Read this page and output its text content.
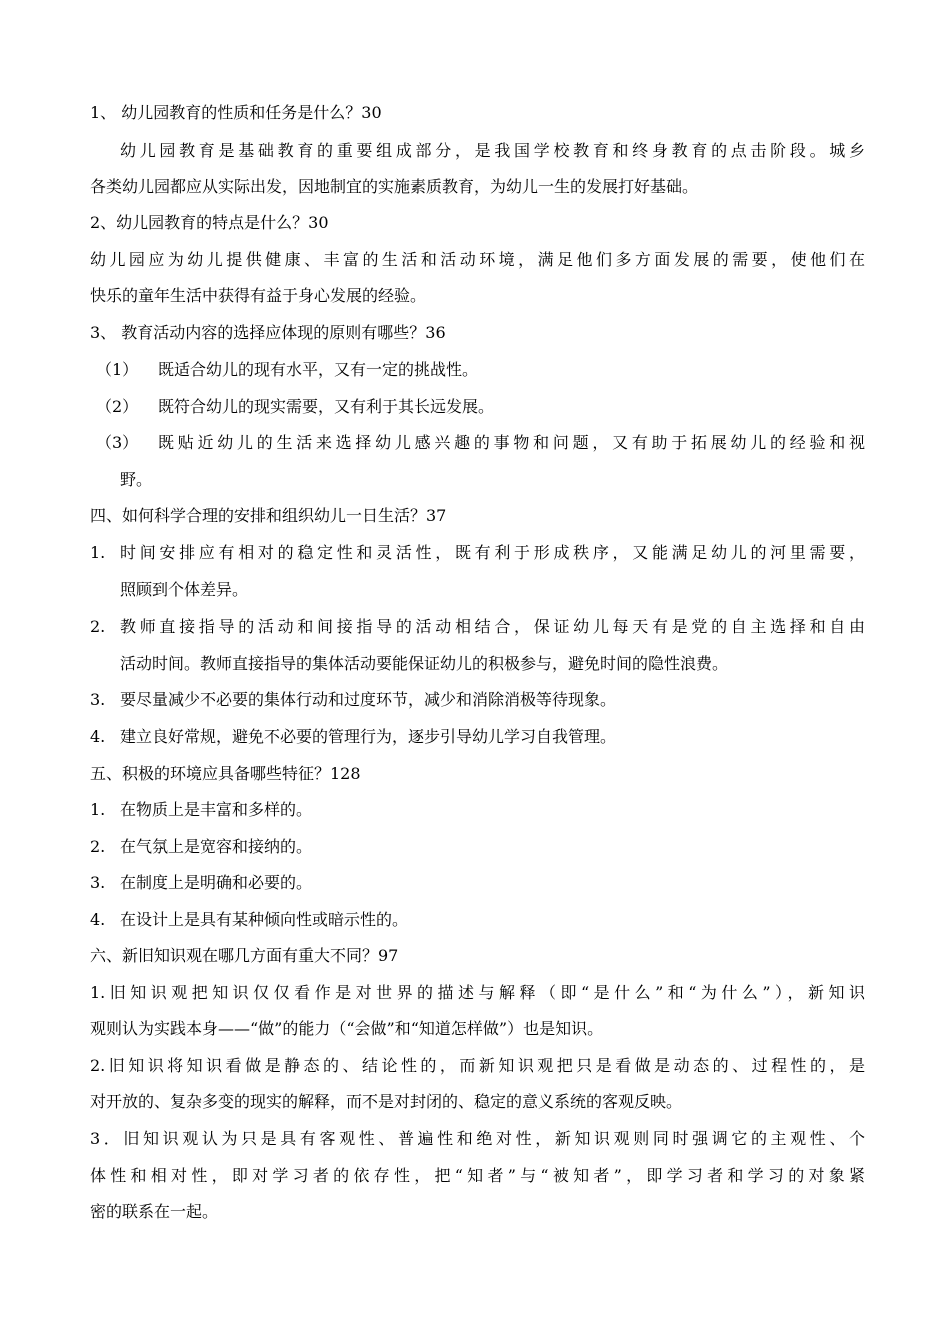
1、 幼儿园教育的性质和任务是什么？30
幼儿园教育是基础教育的重要组成部分，是我国学校教育和终身教育的点击阶段。城乡
各类幼儿园都应从实际出发，因地制宜的实施素质教育，为幼儿一生的发展打好基础。
2、幼儿园教育的特点是什么？30
幼儿园应为幼儿提供健康、丰富的生活和活动环境，满足他们多方面发展的需要，使他们在
快乐的童年生活中获得有益于身心发展的经验。
3、 教育活动内容的选择应体现的原则有哪些？36
（1）	既适合幼儿的现有水平，又有一定的挑战性。
（2）	既符合幼儿的现实需要，又有利于其长远发展。
（3）	既贴近幼儿的生活来选择幼儿感兴趣的事物和问题，又有助于拓展幼儿的经验和视
野。
四、如何科学合理的安排和组织幼儿一日生活？37
1. 时间安排应有相对的稳定性和灵活性，既有利于形成秩序，又能满足幼儿的河里需要，
照顾到个体差异。
2. 教师直接指导的活动和间接指导的活动相结合，保证幼儿每天有是党的自主选择和自由
活动时间。教师直接指导的集体活动要能保证幼儿的积极参与，避免时间的隐性浪费。
3. 要尽量减少不必要的集体行动和过度环节，减少和消除消极等待现象。
4. 建立良好常规，避免不必要的管理行为，逐步引导幼儿学习自我管理。
五、积极的环境应具备哪些特征？128
1. 在物质上是丰富和多样的。
2. 在气氛上是宽容和接纳的。
3. 在制度上是明确和必要的。
4. 在设计上是具有某种倾向性或暗示性的。
六、新旧知识观在哪几方面有重大不同？97
1.旧知识观把知识仅仅看作是对世界的描述与解释（即“是什么”和“为什么”），新知识
观则认为实践本身——“做”的能力（“会做”和“知道怎样做”）也是知识。
2.旧知识将知识看做是静态的、结论性的，而新知识观把只是看做是动态的、过程性的，是
对开放的、复杂多变的现实的解释，而不是对封闭的、稳定的意义系统的客观反映。
3．旧知识观认为只是具有客观性、普遍性和绝对性，新知识观则同时强调它的主观性、个
体性和相对性，即对学习者的依存性，把“知者”与“被知者”，即学习者和学习的对象紧
密的联系在一起。
